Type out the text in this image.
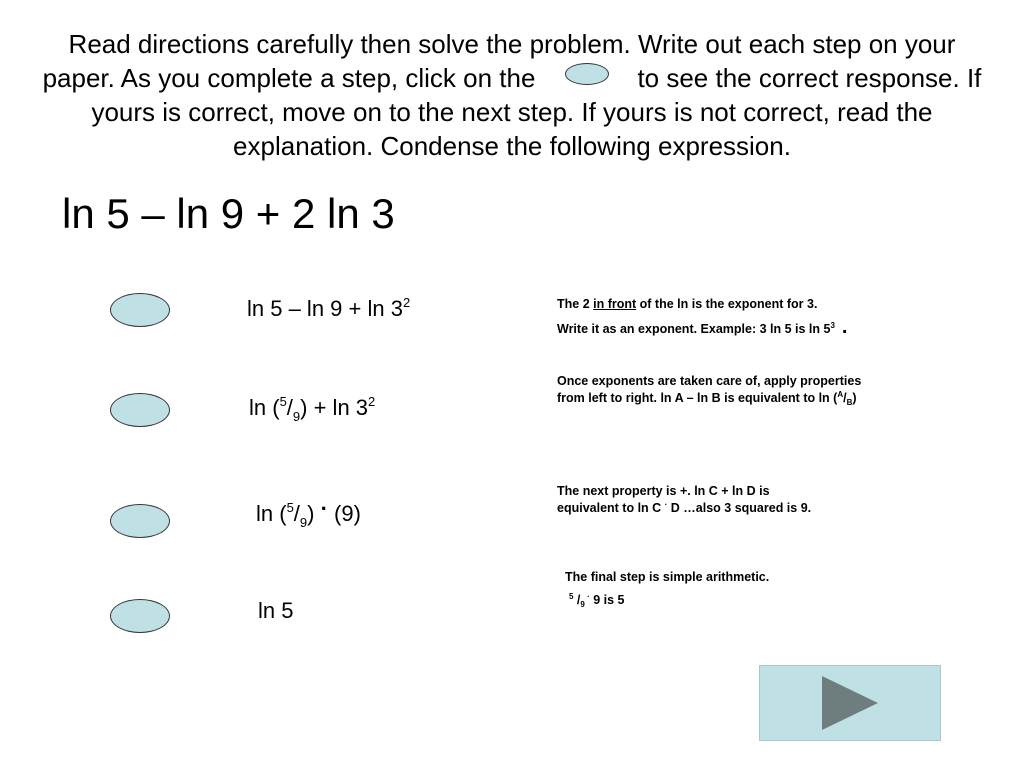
Read directions carefully then solve the problem. Write out each step on your paper. As you complete a step, click on the	to see the correct response. If yours is correct, move on to the next step. If yours is not correct, read the explanation. Condense the following expression.
ln 5 – ln 9 + 2 ln 3
$\ln 5 - \ln 9 + \ln 3^2$	The 2 in front of the ln is the exponent for 3.
Write it as an exponent. Example: 3 ln 5 is $\ln 5^3$ .
$\ln (^5/_9) + \ln 3^2$
Once exponents are taken care of, apply properties
from left to right. ln A – ln B is equivalent to $\ln (^A/_B)$
$\ln (^5/_9) \cdot (9)$
The next property is +. ln C + ln D is
equivalent to ln C · D …also 3 squared is 9.
ln 5
The final step is simple arithmetic.
$^5$ $/_9$ · 9 is 5
